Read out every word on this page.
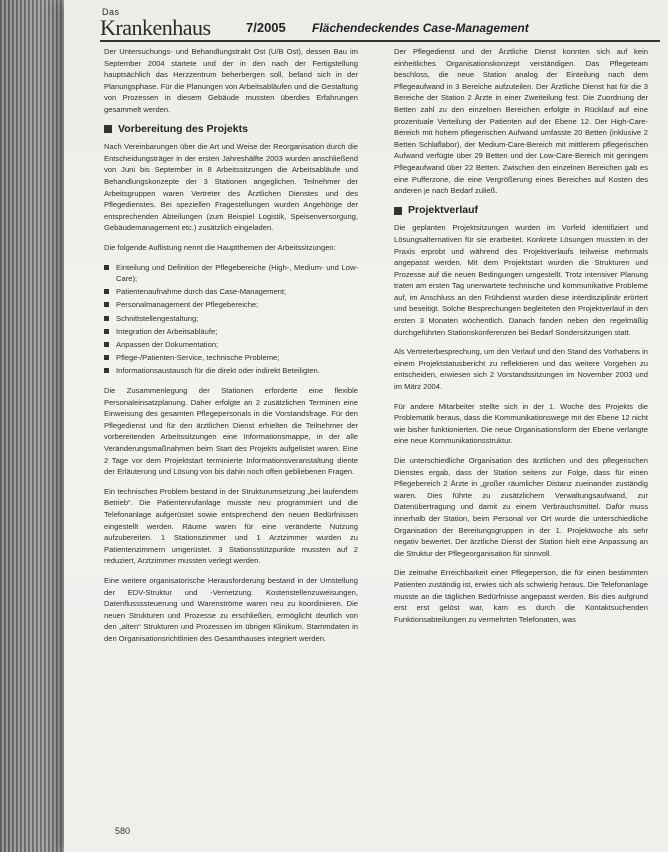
Das
Krankenhaus	7/2005 Flächendeckendes Case-Management

Der Untersuchungs- und Behandlungstrakt Ost (U/B Ost), dessen Bau im September 2004 startete und der in den nach der Fertigstellung hauptsächlich das Herzzentrum beherbergen soll, befand sich in der Planungsphase. Für die Planungen von Arbeitsabläufen und die Gestaltung von Prozessen in diesem Gebäude mussten überdies Erfahrungen gesammelt werden.

Vorbereitung des Projekts

Nach Vereinbarungen über die Art und Weise der Reorganisation durch die Entscheidungsträger in der ersten Jahreshälfte 2003 wurden anschließend von Juni bis September in 8 Arbeitssitzungen die Arbeitsabläufe und Behandlungskonzepte der 3 Stationen angeglichen. Teilnehmer der Arbeitsgruppen waren Vertreter des Ärztlichen Dienstes und des Pflegedienstes. Bei speziellen Fragestellungen wurden Angehörige der entsprechenden Abteilungen (zum Beispiel Logistik, Speisenversorgung, Gebäudemanagement etc.) zusätzlich eingeladen.

Die folgende Auflistung nennt die Hauptthemen der Arbeitssitzungen:

Einteilung und Definition der Pflegebereiche (High-, Medium- und Low-Care);
Patientenaufnahme durch das Case-Management;
Personalmanagement der Pflegebereiche;
Schnittstellengestaltung;
Integration der Arbeitsabläufe;
Anpassen der Dokumentation;
Pflege-/Patienten-Service, technische Probleme;
Informationsaustausch für die direkt oder indirekt Beteiligten.

Die Zusammenlegung der Stationen erforderte eine flexible Personaleinsatzplanung. Daher erfolgte an 2 zusätzlichen Terminen eine Einweisung des gesamten Pflegepersonals in die Vorstandsfrage. Für den Pflegedienst und für den ärztlichen Dienst erhielten die Teilnehmer der vorbereitenden Arbeitssitzungen eine Informationsmappe, in der alle Veränderungsmaßnahmen beim Start des Projekts aufgelistet waren. Eine 2 Tage vor dem Projektstart terminierte Informationsveranstaltung diente der Erläuterung und Lösung von bis dahin noch offen gebliebenen Fragen.

Ein technisches Problem bestand in der Strukturumsetzung „bei laufendem Betrieb“. Die Patientenrufanlage musste neu programmiert und die Telefonanlage aufgerüstet sowie entsprechend den neuen Bedürfnissen eingestellt werden. Räume waren für eine veränderte Nutzung aufzubereiten. 1 Stationszimmer und 1 Arztzimmer wurden zu Patientenzimmern umgerüstet. 3 Stationsstützpunkte mussten auf 2 reduziert, Arztzimmer mussten verlegt werden.

Eine weitere organisatorische Herausforderung bestand in der Umstellung der EDV-Struktur und -Vernetzung. Kostenstellenzuweisungen, Datenflussssteuerung und Warenströme waren neu zu koordinieren. Die neuen Strukturen und Prozesse zu erschließen, ermöglicht deutlich von den „alten“ Strukturen und Prozessen im übrigen Klinikum. Stammdaten in den Organisationsrichtlinien des Gesamthauses integriert werden.

Der Pflegedienst und der Ärztliche Dienst konnten sich auf kein einheitliches Organisationskonzept verständigen. Das Pflegeteam beschloss, die neue Station analog der Einteilung nach dem Pflegeaufwand in 3 Bereiche aufzuteilen. Der Ärztliche Dienst hat für die 3 Bereiche der Station 2 Ärzte in einer Zweiteilung fest. Die Zuordnung der Betten zahl zu den einzelnen Bereichen erfolgte in Rücklauf auf eine prozentuale Verteilung der Patienten auf der Ebene 12. Der High-Care-Bereich mit hohem pflegerischen Aufwand umfasste 20 Betten (inklusive 2 Betten Schlaflabor), der Medium-Care-Bereich mit mittlerem pflegerischen Aufwand verfügte über 29 Betten und der Low-Care-Bereich mit geringem Pflegeaufwand über 22 Betten. Zwischen den einzelnen Bereichen gab es eine Pufferzone, die eine Vergrößerung eines Bereiches auf Kosten des anderen je nach Bedarf zuließ.

Projektverlauf

Die geplanten Projektsitzungen wurden im Vorfeld identifiziert und Lösungsalternativen für sie erarbeitet. Konkrete Lösungen mussten in der Praxis erprobt und während des Projektverlaufs teilweise mehrmals angepasst werden. Mit dem Projektstart wurden die Strukturen und Prozesse auf die neuen Bedingungen umgestellt. Trotz intensiver Planung traten am ersten Tag unerwartete technische und kommunikative Probleme auf, im Anschluss an den Frühdienst wurden diese interdisziplinär erörtert und beseitigt. Solche Besprechungen begleiteten den Projektverlauf in den ersten 3 Monaten wöchentlich. Danach fanden neben den regelmäßig durchgeführten Stationskonferenzen bei Bedarf Sondersitzungen statt.

Als Vertreterbesprechung, um den Verlauf und den Stand des Vorhabens in einem Projektstatusbericht zu reflektieren und das weitere Vorgehen zu entscheiden, erwiesen sich 2 Vorstandssitzungen im November 2003 und im März 2004.

Für andere Mitarbeiter stellte sich in der 1. Woche des Projekts die Problematik heraus, dass die Kommunikationswege mit der Ebene 12 nicht wie bisher funktionierten. Die neue Organisationsform der Ebene verlangte eine neue Kommunikationsstruktur.

Die unterschiedliche Organisation des ärztlichen und des pflegerischen Dienstes ergab, dass der Station seitens zur Folge, dass für einen Pflegebereich 2 Ärzte in „großer räumlicher Distanz zueinander zuständig waren. Dies führte zu zusätzlichem Verwaltungsaufwand, zur Datenübertragung und damit zu einem Verbrauchsmittel. Dafür muss innerhalb der Station, beim Personal vor Ort wurde die unterschiedliche Organisation der Bereitungsgruppen in der 1. Projektwoche als sehr negativ bewertet. Der ärztliche Dienst der Station hielt eine Anpassung an die Struktur der Pflegeorganisation für sinnvoll.

Die zeitnahe Erreichbarkeit einer Pflegeperson, die für einen bestimmten Patienten zuständig ist, erwies sich als schwierig heraus. Die Telefonanlage musste an die täglichen Bedürfnisse angepasst werden. Bis dies aufgrund erst erst gelöst war, kam es durch die Kontaktsuchenden Funktionsabteilungen zu vermehrten Telefonaten, was

580
